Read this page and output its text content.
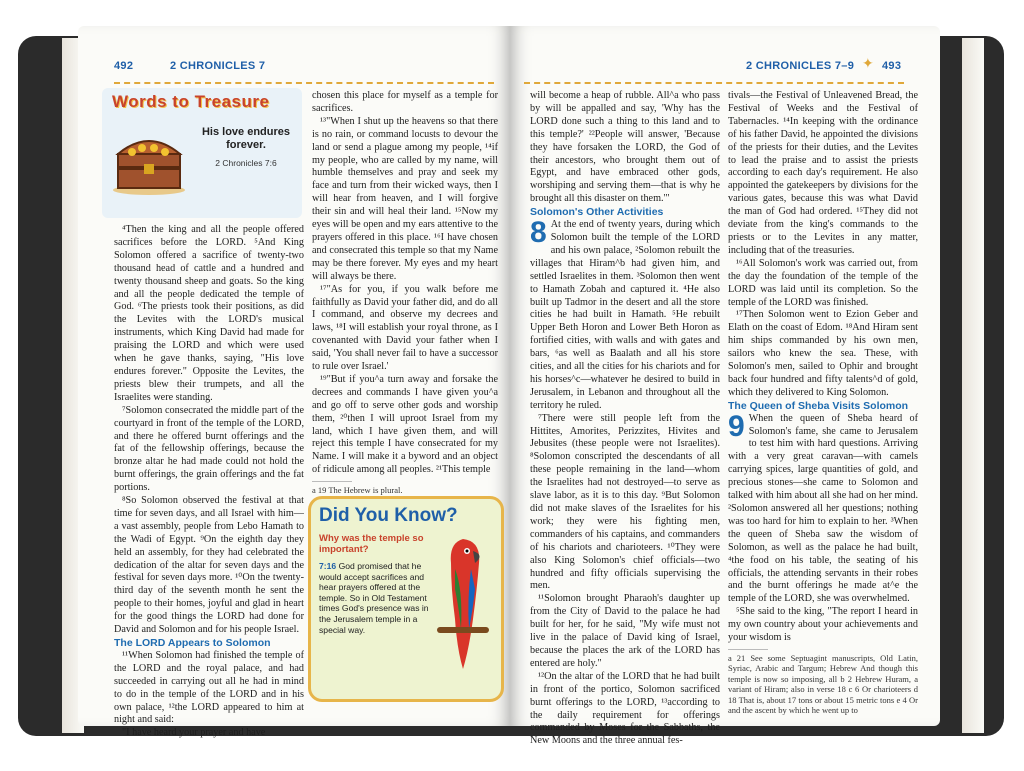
492	2 CHRONICLES 7
Words to Treasure
His love endures forever.
2 Chronicles 7:6

⁴Then the king and all the people offered sacrifices before the LORD. ⁵And King Solomon offered a sacrifice of twenty-two thousand head of cattle and a hundred and twenty thousand sheep and goats. So the king and all the people dedicated the temple of God. ⁶The priests took their positions, as did the Levites with the LORD's musical instruments, which King David had made for praising the LORD and which were used when he gave thanks, saying, "His love endures forever." Opposite the Levites, the priests blew their trumpets, and all the Israelites were standing.

⁷Solomon consecrated the middle part of the courtyard in front of the temple of the LORD, and there he offered burnt offerings and the fat of the fellowship offerings, because the bronze altar he had made could not hold the burnt offerings, the grain offerings and the fat portions.

⁸So Solomon observed the festival at that time for seven days, and all Israel with him—a vast assembly, people from Lebo Hamath to the Wadi of Egypt. ⁹On the eighth day they held an assembly, for they had celebrated the dedication of the altar for seven days and the festival for seven days more. ¹⁰On the twenty-third day of the seventh month he sent the people to their homes, joyful and glad in heart for the good things the LORD had done for David and Solomon and for his people Israel.

The LORD Appears to Solomon

¹¹When Solomon had finished the temple of the LORD and the royal palace, and had succeeded in carrying out all he had in mind to do in the temple of the LORD and in his own palace, ¹²the LORD appeared to him at night and said:

"I have heard your prayer and have

chosen this place for myself as a temple for sacrifices.

¹³"When I shut up the heavens so that there is no rain, or command locusts to devour the land or send a plague among my people, ¹⁴if my people, who are called by my name, will humble themselves and pray and seek my face and turn from their wicked ways, then I will hear from heaven, and I will forgive their sin and will heal their land. ¹⁵Now my eyes will be open and my ears attentive to the prayers offered in this place. ¹⁶I have chosen and consecrated this temple so that my Name may be there forever. My eyes and my heart will always be there.

¹⁷"As for you, if you walk before me faithfully as David your father did, and do all I command, and observe my decrees and laws, ¹⁸I will establish your royal throne, as I covenanted with David your father when I said, 'You shall never fail to have a successor to rule over Israel.'

¹⁹"But if you^a turn away and forsake the decrees and commands I have given you^a and go off to serve other gods and worship them, ²⁰then I will uproot Israel from my land, which I have given them, and will reject this temple I have consecrated for my Name. I will make it a byword and an object of ridicule among all peoples. ²¹This temple

a 19 The Hebrew is plural.
Did You Know?
Why was the temple so important?
7:16 God promised that he would accept sacrifices and hear prayers offered at the temple. So in Old Testament times God's presence was in the Jerusalem temple in a special way.
2 CHRONICLES 7–9	493
✦

will become a heap of rubble. All^a who pass by will be appalled and say, 'Why has the LORD done such a thing to this land and to this temple?' ²²People will answer, 'Because they have forsaken the LORD, the God of their ancestors, who brought them out of Egypt, and have embraced other gods, worshiping and serving them—that is why he brought all this disaster on them.'"

Solomon's Other Activities

8 At the end of twenty years, during which Solomon built the temple of the LORD and his own palace, ²Solomon rebuilt the villages that Hiram^b had given him, and settled Israelites in them. ³Solomon then went to Hamath Zobah and captured it. ⁴He also built up Tadmor in the desert and all the store cities he had built in Hamath. ⁵He rebuilt Upper Beth Horon and Lower Beth Horon as fortified cities, with walls and with gates and bars, ⁶as well as Baalath and all his store cities, and all the cities for his chariots and for his horses^c—whatever he desired to build in Jerusalem, in Lebanon and throughout all the territory he ruled.

⁷There were still people left from the Hittites, Amorites, Perizzites, Hivites and Jebusites (these people were not Israelites). ⁸Solomon conscripted the descendants of all these people remaining in the land—whom the Israelites had not destroyed—to serve as slave labor, as it is to this day. ⁹But Solomon did not make slaves of the Israelites for his work; they were his fighting men, commanders of his captains, and commanders of his chariots and charioteers. ¹⁰They were also King Solomon's chief officials—two hundred and fifty officials supervising the men.

¹¹Solomon brought Pharaoh's daughter up from the City of David to the palace he had built for her, for he said, "My wife must not live in the palace of David king of Israel, because the places the ark of the LORD has entered are holy."

¹²On the altar of the LORD that he had built in front of the portico, Solomon sacrificed burnt offerings to the LORD, ¹³according to the daily requirement for offerings commanded by Moses for the Sabbaths, the New Moons and the three annual fes-

tivals—the Festival of Unleavened Bread, the Festival of Weeks and the Festival of Tabernacles. ¹⁴In keeping with the ordinance of his father David, he appointed the divisions of the priests for their duties, and the Levites to lead the praise and to assist the priests according to each day's requirement. He also appointed the gatekeepers by divisions for the various gates, because this was what David the man of God had ordered. ¹⁵They did not deviate from the king's commands to the priests or to the Levites in any matter, including that of the treasuries.

¹⁶All Solomon's work was carried out, from the day the foundation of the temple of the LORD was laid until its completion. So the temple of the LORD was finished.

¹⁷Then Solomon went to Ezion Geber and Elath on the coast of Edom. ¹⁸And Hiram sent him ships commanded by his own men, sailors who knew the sea. These, with Solomon's men, sailed to Ophir and brought back four hundred and fifty talents^d of gold, which they delivered to King Solomon.

The Queen of Sheba Visits Solomon

9 When the queen of Sheba heard of Solomon's fame, she came to Jerusalem to test him with hard questions. Arriving with a very great caravan—with camels carrying spices, large quantities of gold, and precious stones—she came to Solomon and talked with him about all she had on her mind. ²Solomon answered all her questions; nothing was too hard for him to explain to her. ³When the queen of Sheba saw the wisdom of Solomon, as well as the palace he had built, ⁴the food on his table, the seating of his officials, the attending servants in their robes and the burnt offerings he made at^e the temple of the LORD, she was overwhelmed.

⁵She said to the king, "The report I heard in my own country about your achievements and your wisdom is

a 21 See some Septuagint manuscripts, Old Latin, Syriac, Arabic and Targum; Hebrew And though this temple is now so imposing, all b 2 Hebrew Huram, a variant of Hiram; also in verse 18 c 6 Or charioteers d 18 That is, about 17 tons or about 15 metric tons e 4 Or and the ascent by which he went up to
